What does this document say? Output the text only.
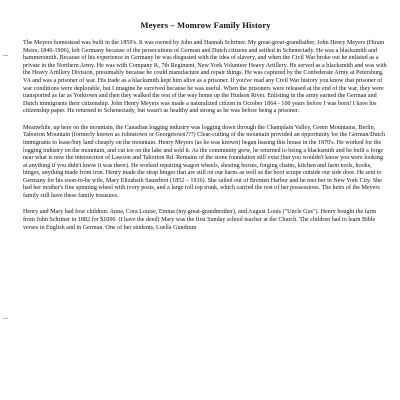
Meyers – Momrow Family History

The Meyers homestead was built in the 1850's. It was owned by John and Hannah Schriner. My great-great-grandfather, John Henry Meyers (Hiram Meirs, 1840-1906), left Germany because of the persecutions of German and Dutch citizens and settled in Schenectady. He was a blacksmith and hammersmith. Because of his experience in Germany he was disgusted with the idea of slavery, and when the Civil War broke out he enlisted as a private in the Northern Army. He was with Company K, 7th Regiment, New York Volunteer Heavy Artillery. He served as a blacksmith and was with the Heavy Artillery Division, presumably because he could manufacture and repair things. He was captured by the Confederate Army at Petersburg, VA and was a prisoner of war. His trade as a blacksmith kept him alive as a prisoner. If you've read any Civil War history you know that prisoner of war conditions were deplorable, but I imagine he survived because he was useful. When the prisoners were released at the end of the war, they were transported as far as Yorktown and then they walked the rest of the way home up the Hudson River. Enlisting in the army earned the German and Dutch immigrants their citizenship. John Henry Meyers was made a naturalized citizen in October 1864 - 100 years before I was born! I have his citizenship paper. He returned to Schenectady, but wasn't as healthy and strong as he was before being a prisoner.

Meanwhile, up here on the mountain, the Canadian logging industry was logging down through the Champlain Valley, Green Mountains, Berlin, Taborton Mountain (formerly known as Johnstown or Georgetown???) Clear-cutting of the mountain provided an opportunity for the German/Dutch immigrants to lease/buy land cheaply on the mountain. Henry Meyers (as he was known) began leasing this house in the 1870's. He worked for the logging industry on the mountain, and cut ice on the lake and sold it. As the community grew, he returned to being a blacksmith and he built a forge near what is now the intersection of Lawson and Taborton Rd. Remains of the stone foundation still exist (but you wouldn't know you were looking at anything if you didn't know it was there). He worked repairing wagon wheels, shoeing horses, forging chains, kitchen and farm tools, hooks, hinges, anything made from iron. Henry made the strap hinges that are still on our barns as well as the boot scrape outside our side door. He sent to Germany for his soon-to-be wife, Mary Elizabeth Sauerbrei (1852 – 1916). She sailed out of Bremen Harbor and he met her in New York City. She had her mother's fine spinning wheel with ivory posts, and a large roll top trunk, which carried the rest of her possessions. The heirs of the Meyers family still have these family treasures.

Henry and Mary had four children: Anna, Cora Louise, Emma (my great-grandmother), and August Louis ("Uncle Gus"). Henry bought the farm from John Schriner in 1882 for $1000. (I have the deed) Mary was the first Sunday school teacher at the Church. The children had to learn Bible verses in English and in German. One of her students, Luella Gundrum
